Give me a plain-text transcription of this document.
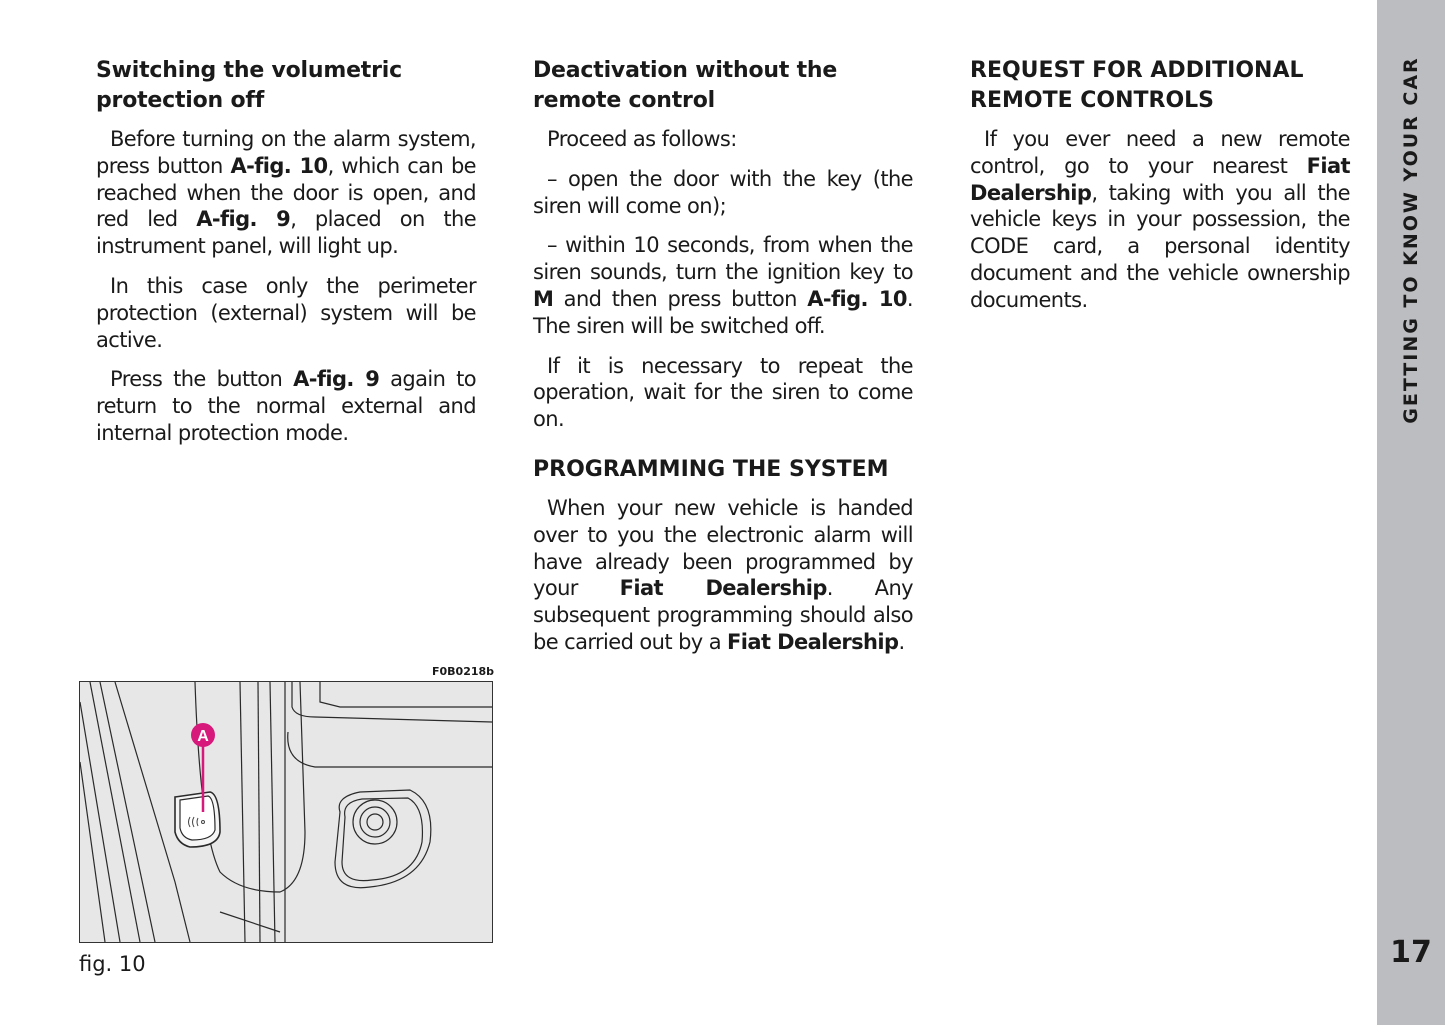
Switching the volumetric protection off

Before turning on the alarm system, press button A-fig. 10, which can be reached when the door is open, and red led A-fig. 9, placed on the instrument panel, will light up.

In this case only the perimeter protection (external) system will be active.

Press the button A-fig. 9 again to return to the normal external and internal protection mode.

Deactivation without the remote control

Proceed as follows:

– open the door with the key (the siren will come on);

– within 10 seconds, from when the siren sounds, turn the ignition key to M and then press button A-fig. 10. The siren will be switched off.

If it is necessary to repeat the operation, wait for the siren to come on.

PROGRAMMING THE SYSTEM

When your new vehicle is handed over to you the electronic alarm will have already been programmed by your Fiat Dealership. Any subsequent programming should also be carried out by a Fiat Dealership.

REQUEST FOR ADDITIONAL REMOTE CONTROLS

If you ever need a new remote control, go to your nearest Fiat Dealership, taking with you all the vehicle keys in your possession, the CODE card, a personal identity document and the vehicle ownership documents.

F0B0218b
A
fig. 10
GETTING TO KNOW YOUR CAR
17
